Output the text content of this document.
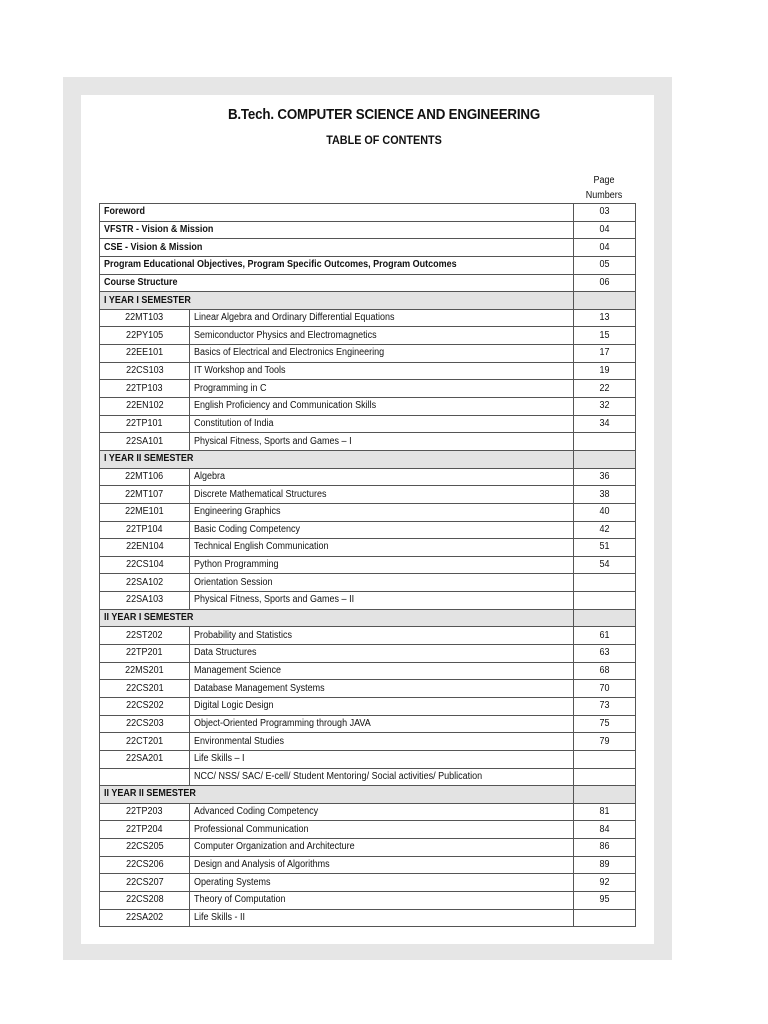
B.Tech. COMPUTER SCIENCE AND ENGINEERING
TABLE OF CONTENTS
Page
Numbers
Foreword		03
VFSTR - Vision & Mission		04
CSE - Vision & Mission		04
Program Educational Objectives, Program Specific Outcomes, Program Outcomes		05
Course Structure		06
I YEAR I SEMESTER		
22MT103	Linear Algebra and Ordinary Differential Equations	13
22PY105	Semiconductor Physics and Electromagnetics	15
22EE101	Basics of Electrical and Electronics Engineering	17
22CS103	IT Workshop and Tools	19
22TP103	Programming in C	22
22EN102	English Proficiency and Communication Skills	32
22TP101	Constitution of India	34
22SA101	Physical Fitness, Sports and Games – I	
I YEAR II SEMESTER		
22MT106	Algebra	36
22MT107	Discrete Mathematical Structures	38
22ME101	Engineering Graphics	40
22TP104	Basic Coding Competency	42
22EN104	Technical English Communication	51
22CS104	Python Programming	54
22SA102	Orientation Session	
22SA103	Physical Fitness, Sports and Games – II	
II YEAR I SEMESTER		
22ST202	Probability and Statistics	61
22TP201	Data Structures	63
22MS201	Management Science	68
22CS201	Database Management Systems	70
22CS202	Digital Logic Design	73
22CS203	Object-Oriented Programming through JAVA	75
22CT201	Environmental Studies	79
22SA201	Life Skills – I	
	NCC/ NSS/ SAC/ E-cell/ Student Mentoring/ Social activities/ Publication	
II YEAR II SEMESTER		
22TP203	Advanced Coding Competency	81
22TP204	Professional Communication	84
22CS205	Computer Organization and Architecture	86
22CS206	Design and Analysis of Algorithms	89
22CS207	Operating Systems	92
22CS208	Theory of Computation	95
22SA202	Life Skills - II	
